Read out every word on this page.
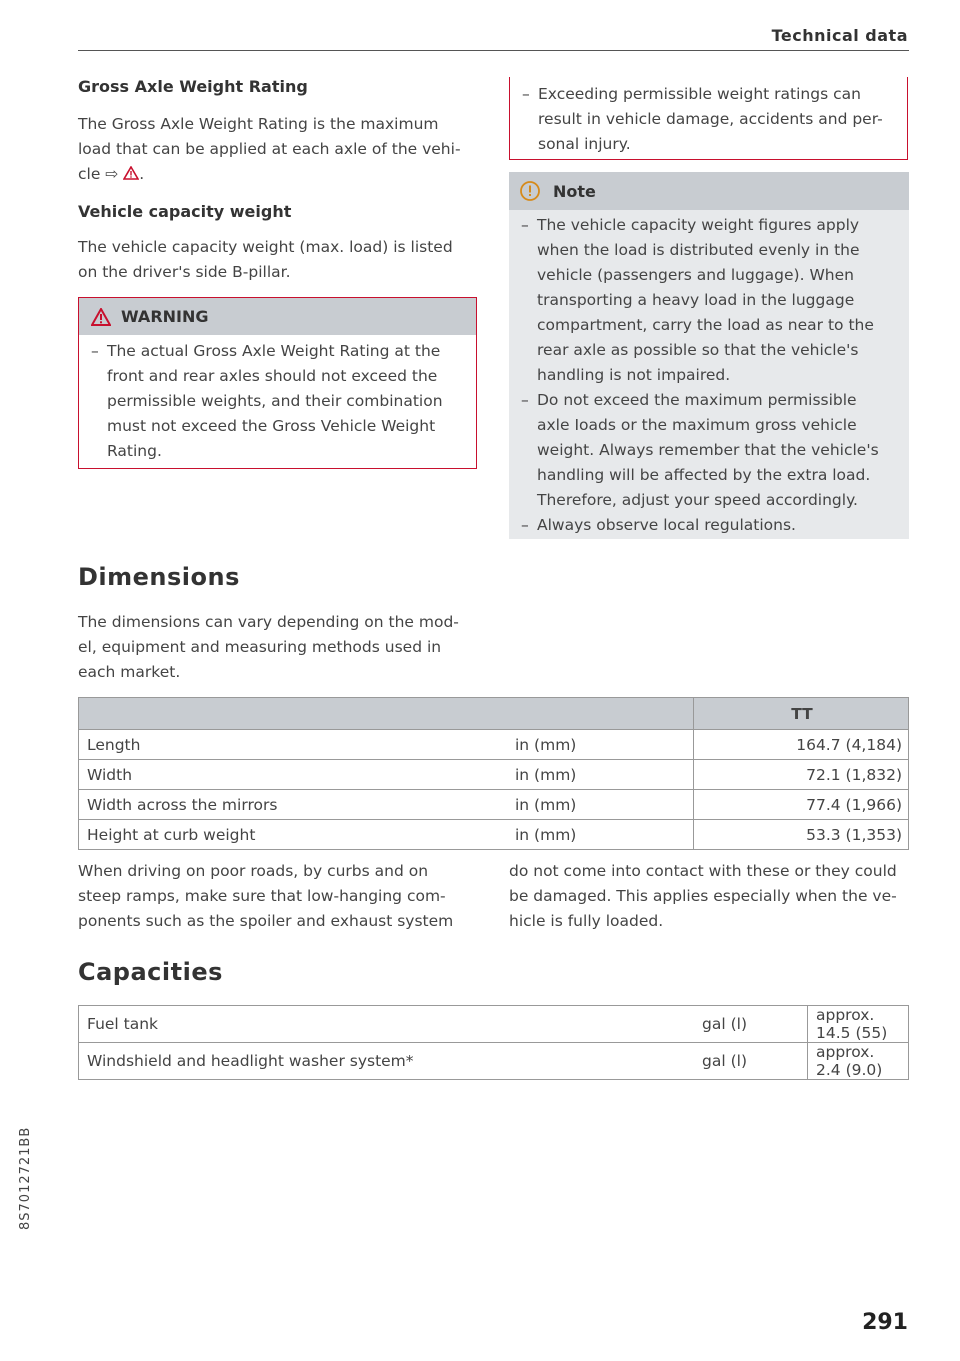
Technical data
Gross Axle Weight Rating
The Gross Axle Weight Rating is the maximum
load that can be applied at each axle of the vehi-
cle ⇨ .
Vehicle capacity weight
The vehicle capacity weight (max. load) is listed
on the driver's side B-pillar.
WARNING
– The actual Gross Axle Weight Rating at the
front and rear axles should not exceed the
permissible weights, and their combination
must not exceed the Gross Vehicle Weight
Rating.
Dimensions
The dimensions can vary depending on the mod-
el, equipment and measuring methods used in
each market.
– Exceeding permissible weight ratings can
result in vehicle damage, accidents and per-
sonal injury.
Note
– The vehicle capacity weight figures apply
when the load is distributed evenly in the
vehicle (passengers and luggage). When
transporting a heavy load in the luggage
compartment, carry the load as near to the
rear axle as possible so that the vehicle's
handling is not impaired.
– Do not exceed the maximum permissible
axle Ioads or the maximum gross vehicle
weight. Always remember that the vehicle's
handling will be affected by the extra load.
Therefore, adjust your speed accordingly.
– Always observe local regulations.
		TT
Length	in (mm)	164.7 (4,184)
Width	in (mm)	72.1 (1,832)
Width across the mirrors	in (mm)	77.4 (1,966)
Height at curb weight	in (mm)	53.3 (1,353)
When driving on poor roads, by curbs and on
steep ramps, make sure that low-hanging com-
ponents such as the spoiler and exhaust system
do not come into contact with these or they could
be damaged. This applies especially when the ve-
hicle is fully loaded.
Capacities
Fuel tank	gal (l)	approx. 14.5 (55)
Windshield and headlight washer system*	gal (l)	approx. 2.4 (9.0)
8S7012721BB
291
